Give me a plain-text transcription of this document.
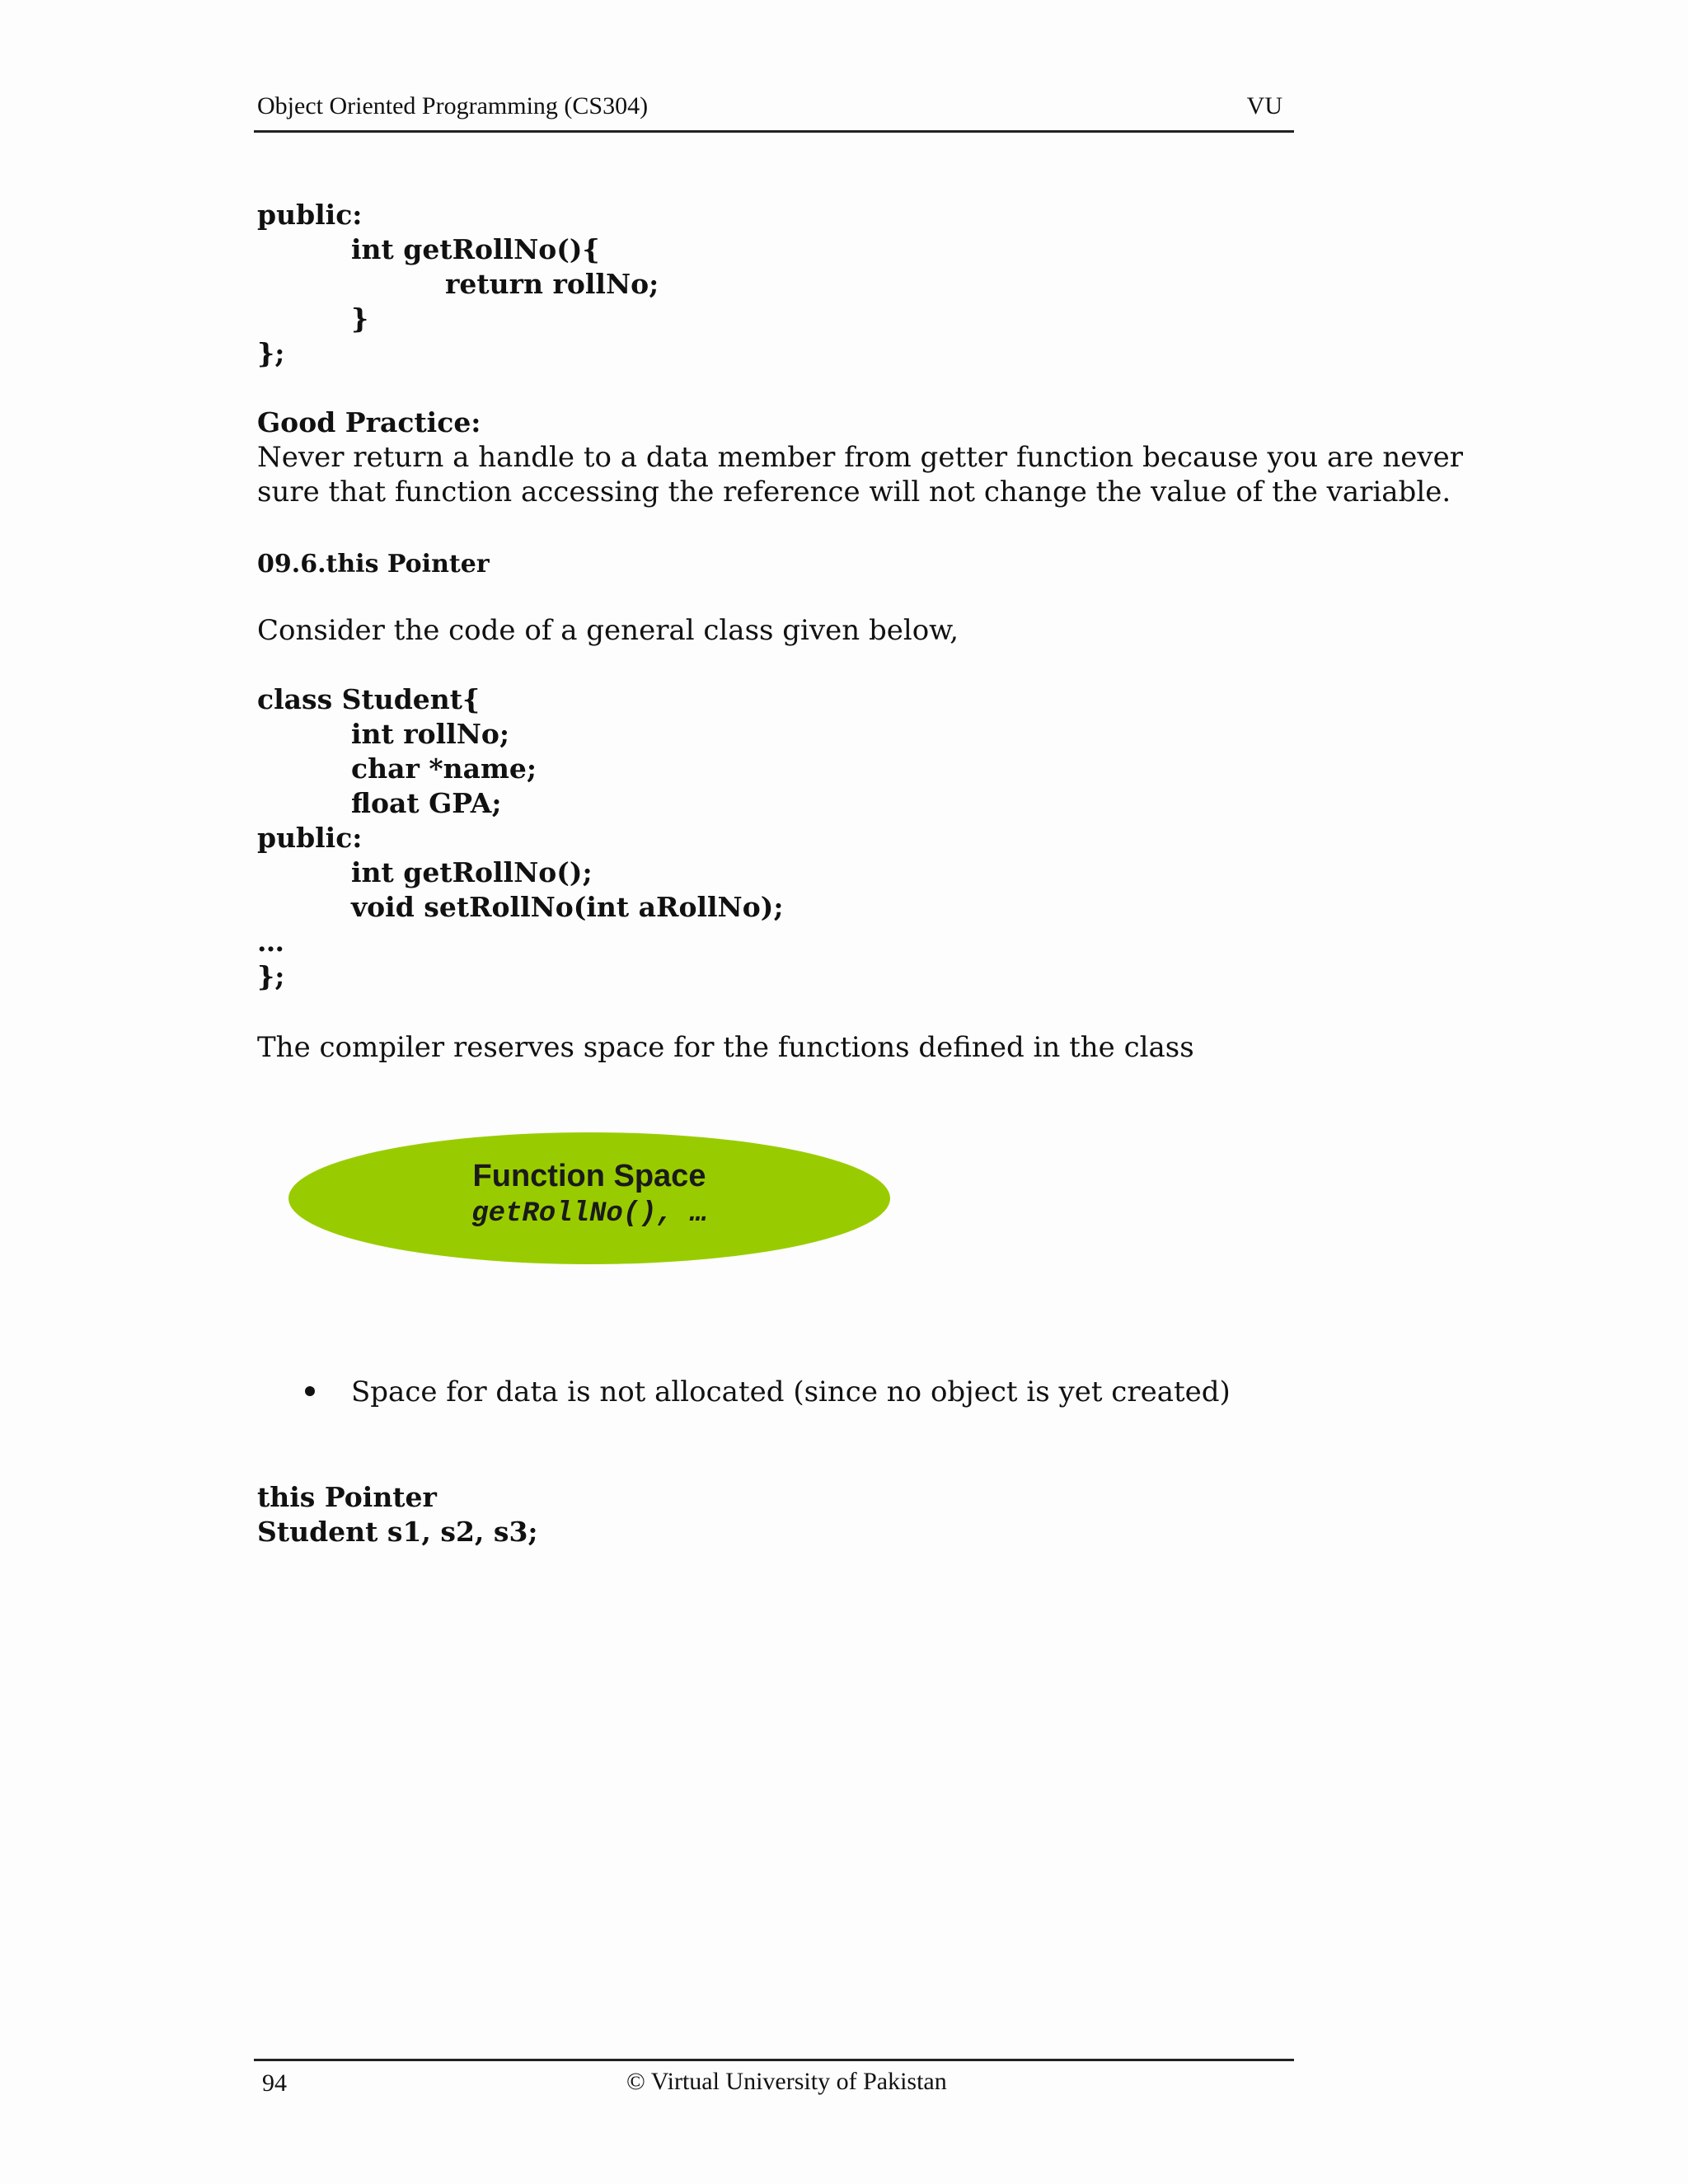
Object Oriented Programming (CS304)	VU
public:
int getRollNo(){
return rollNo;
}
};
Good Practice:
Never return a handle to a data member from getter function because you are never
sure that function accessing the reference will not change the value of the variable.
09.6.this Pointer
Consider the code of a general class given below,
class Student{
int rollNo;
char *name;
float GPA;
public:
int getRollNo();
void setRollNo(int aRollNo);
…
};
The compiler reserves space for the functions defined in the class
Function Space
getRollNo(), …
Space for data is not allocated (since no object is yet created)
this Pointer
Student s1, s2, s3;
94	© Virtual University of Pakistan
